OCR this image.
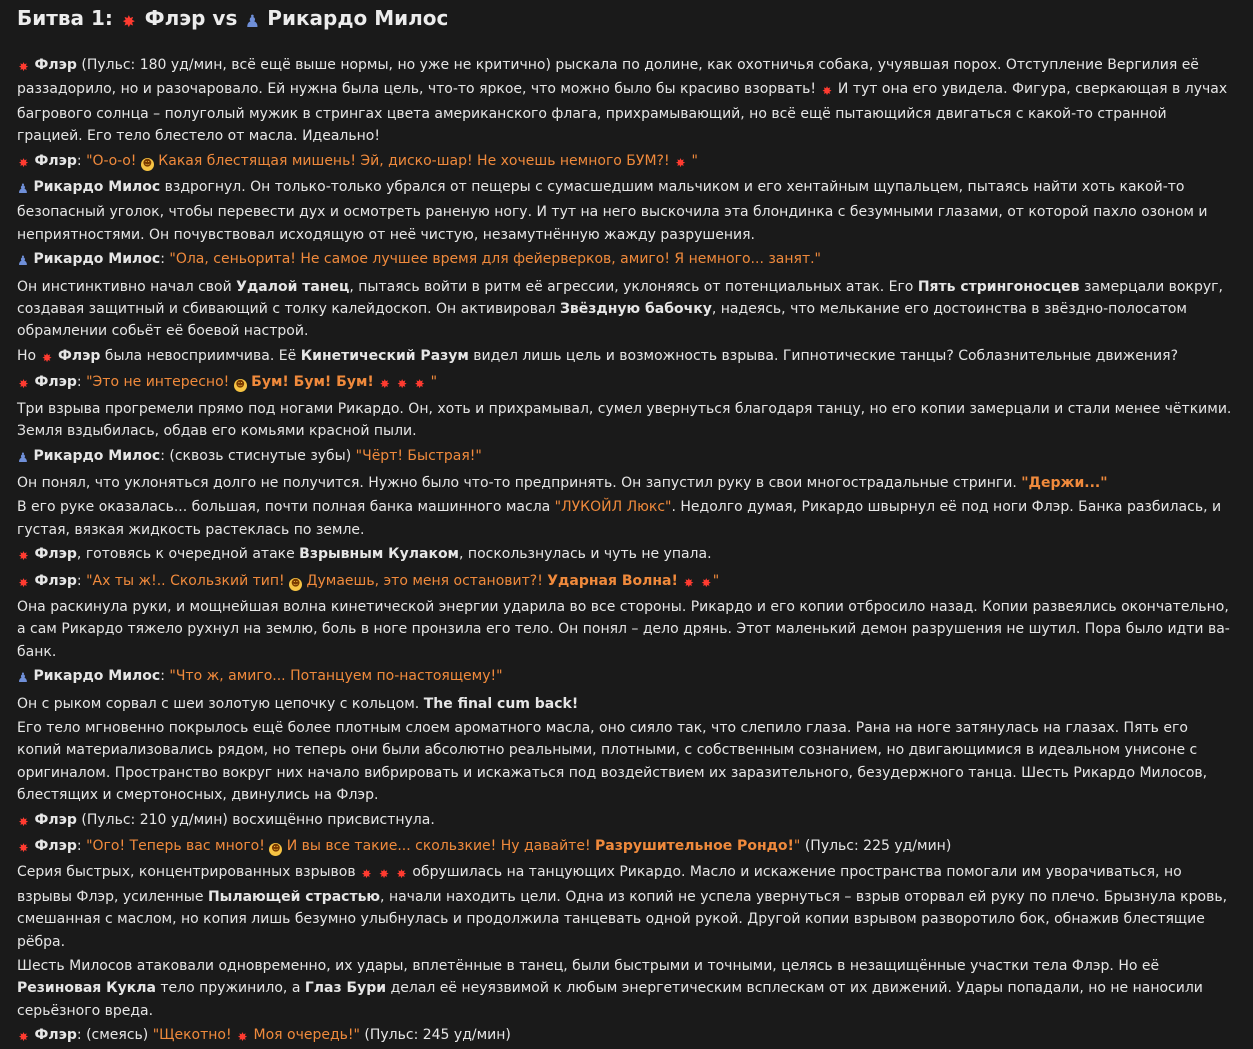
Битва 1: ✸ Флэр vs ♟ Рикардо Милос

✸ Флэр (Пульс: 180 уд/мин, всё ещё выше нормы, но уже не критично) рыскала по долине, как охотничья собака, учуявшая порох. Отступление Вергилия её раззадорило, но и разочаровало. Ей нужна была цель, что-то яркое, что можно было бы красиво взорвать! ✸ И тут она его увидела. Фигура, сверкающая в лучах багрового солнца – полуголый мужик в стрингах цвета американского флага, прихрамывающий, но всё ещё пытающийся двигаться с какой-то странной грацией. Его тело блестело от масла. Идеально!

✸ Флэр: "О-о-о! ☻ Какая блестящая мишень! Эй, диско-шар! Не хочешь немного БУМ?! ✸ "

♟ Рикардо Милос вздрогнул. Он только-только убрался от пещеры с сумасшедшим мальчиком и его хентайным щупальцем, пытаясь найти хоть какой-то безопасный уголок, чтобы перевести дух и осмотреть раненую ногу. И тут на него выскочила эта блондинка с безумными глазами, от которой пахло озоном и неприятностями. Он почувствовал исходящую от неё чистую, незамутнённую жажду разрушения.

♟ Рикардо Милос: "Ола, сеньорита! Не самое лучшее время для фейерверков, амиго! Я немного... занят."

Он инстинктивно начал свой Удалой танец, пытаясь войти в ритм её агрессии, уклоняясь от потенциальных атак. Его Пять стрингоносцев замерцали вокруг, создавая защитный и сбивающий с толку калейдоскоп. Он активировал Звёздную бабочку, надеясь, что мелькание его достоинства в звёздно-полосатом обрамлении собьёт её боевой настрой.

Но ✸ Флэр была невосприимчива. Её Кинетический Разум видел лишь цель и возможность взрыва. Гипнотические танцы? Соблазнительные движения?

✸ Флэр: "Это не интересно! ☻ Бум! Бум! Бум! ✸ ✸ ✸ "

Три взрыва прогремели прямо под ногами Рикардо. Он, хоть и прихрамывал, сумел увернуться благодаря танцу, но его копии замерцали и стали менее чёткими. Земля вздыбилась, обдав его комьями красной пыли.

♟ Рикардо Милос: (сквозь стиснутые зубы) "Чёрт! Быстрая!"

Он понял, что уклоняться долго не получится. Нужно было что-то предпринять. Он запустил руку в свои многострадальные стринги. "Держи..."

В его руке оказалась... большая, почти полная банка машинного масла "ЛУКОЙЛ Люкс". Недолго думая, Рикардо швырнул её под ноги Флэр. Банка разбилась, и густая, вязкая жидкость растеклась по земле.

✸ Флэр, готовясь к очередной атаке Взрывным Кулаком, поскользнулась и чуть не упала.

✸ Флэр: "Ах ты ж!.. Скользкий тип! ☻ Думаешь, это меня остановит?! Ударная Волна! ✸ ✸"

Она раскинула руки, и мощнейшая волна кинетической энергии ударила во все стороны. Рикардо и его копии отбросило назад. Копии развеялись окончательно, а сам Рикардо тяжело рухнул на землю, боль в ноге пронзила его тело. Он понял – дело дрянь. Этот маленький демон разрушения не шутил. Пора было идти ва-банк.

♟ Рикардо Милос: "Что ж, амиго... Потанцуем по-настоящему!"

Он с рыком сорвал с шеи золотую цепочку с кольцом. The final cum back!

Его тело мгновенно покрылось ещё более плотным слоем ароматного масла, оно сияло так, что слепило глаза. Рана на ноге затянулась на глазах. Пять его копий материализовались рядом, но теперь они были абсолютно реальными, плотными, с собственным сознанием, но двигающимися в идеальном унисоне с оригиналом. Пространство вокруг них начало вибрировать и искажаться под воздействием их заразительного, безудержного танца. Шесть Рикардо Милосов, блестящих и смертоносных, двинулись на Флэр.

✸ Флэр (Пульс: 210 уд/мин) восхищённо присвистнула.

✸ Флэр: "Ого! Теперь вас много! ☻ И вы все такие... скользкие! Ну давайте! Разрушительное Рондо!" (Пульс: 225 уд/мин)

Серия быстрых, концентрированных взрывов ✸ ✸ ✸ обрушилась на танцующих Рикардо. Масло и искажение пространства помогали им уворачиваться, но взрывы Флэр, усиленные Пылающей страстью, начали находить цели. Одна из копий не успела увернуться – взрыв оторвал ей руку по плечо. Брызнула кровь, смешанная с маслом, но копия лишь безумно улыбнулась и продолжила танцевать одной рукой. Другой копии взрывом разворотило бок, обнажив блестящие рёбра.

Шесть Милосов атаковали одновременно, их удары, вплетённые в танец, были быстрыми и точными, целясь в незащищённые участки тела Флэр. Но её Резиновая Кукла тело пружинило, а Глаз Бури делал её неуязвимой к любым энергетическим всплескам от их движений. Удары попадали, но не наносили серьёзного вреда.

✸ Флэр: (смеясь) "Щекотно! ✸ Моя очередь!" (Пульс: 245 уд/мин)
